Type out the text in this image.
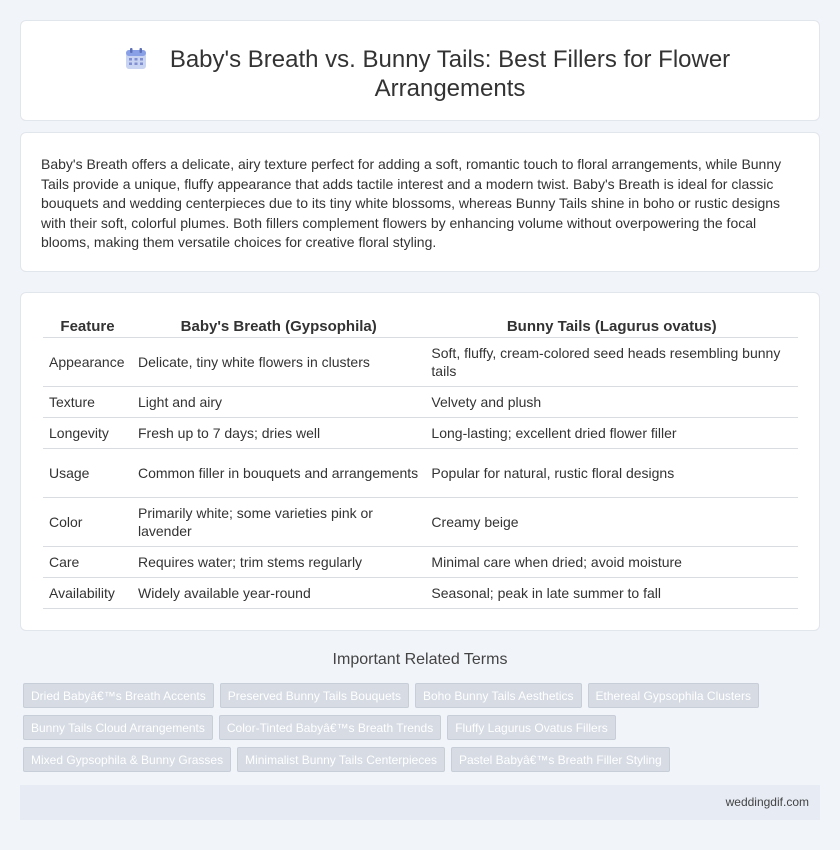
Baby's Breath vs. Bunny Tails: Best Fillers for Flower Arrangements

Baby's Breath offers a delicate, airy texture perfect for adding a soft, romantic touch to floral arrangements, while Bunny Tails provide a unique, fluffy appearance that adds tactile interest and a modern twist. Baby's Breath is ideal for classic bouquets and wedding centerpieces due to its tiny white blossoms, whereas Bunny Tails shine in boho or rustic designs with their soft, colorful plumes. Both fillers complement flowers by enhancing volume without overpowering the focal blooms, making them versatile choices for creative floral styling.

Feature	Baby's Breath (Gypsophila)	Bunny Tails (Lagurus ovatus)
Appearance	Delicate, tiny white flowers in clusters	Soft, fluffy, cream-colored seed heads resembling bunny tails
Texture	Light and airy	Velvety and plush
Longevity	Fresh up to 7 days; dries well	Long-lasting; excellent dried flower filler
Usage	Common filler in bouquets and arrangements	Popular for natural, rustic floral designs
Color	Primarily white; some varieties pink or lavender	Creamy beige
Care	Requires water; trim stems regularly	Minimal care when dried; avoid moisture
Availability	Widely available year-round	Seasonal; peak in late summer to fall
Important Related Terms
Dried Babyâ€™s Breath Accents	Preserved Bunny Tails Bouquets	Boho Bunny Tails Aesthetics	Ethereal Gypsophila Clusters
Bunny Tails Cloud Arrangements	Color-Tinted Babyâ€™s Breath Trends	Fluffy Lagurus Ovatus Fillers
Mixed Gypsophila & Bunny Grasses	Minimalist Bunny Tails Centerpieces	Pastel Babyâ€™s Breath Filler Styling
weddingdif.com
